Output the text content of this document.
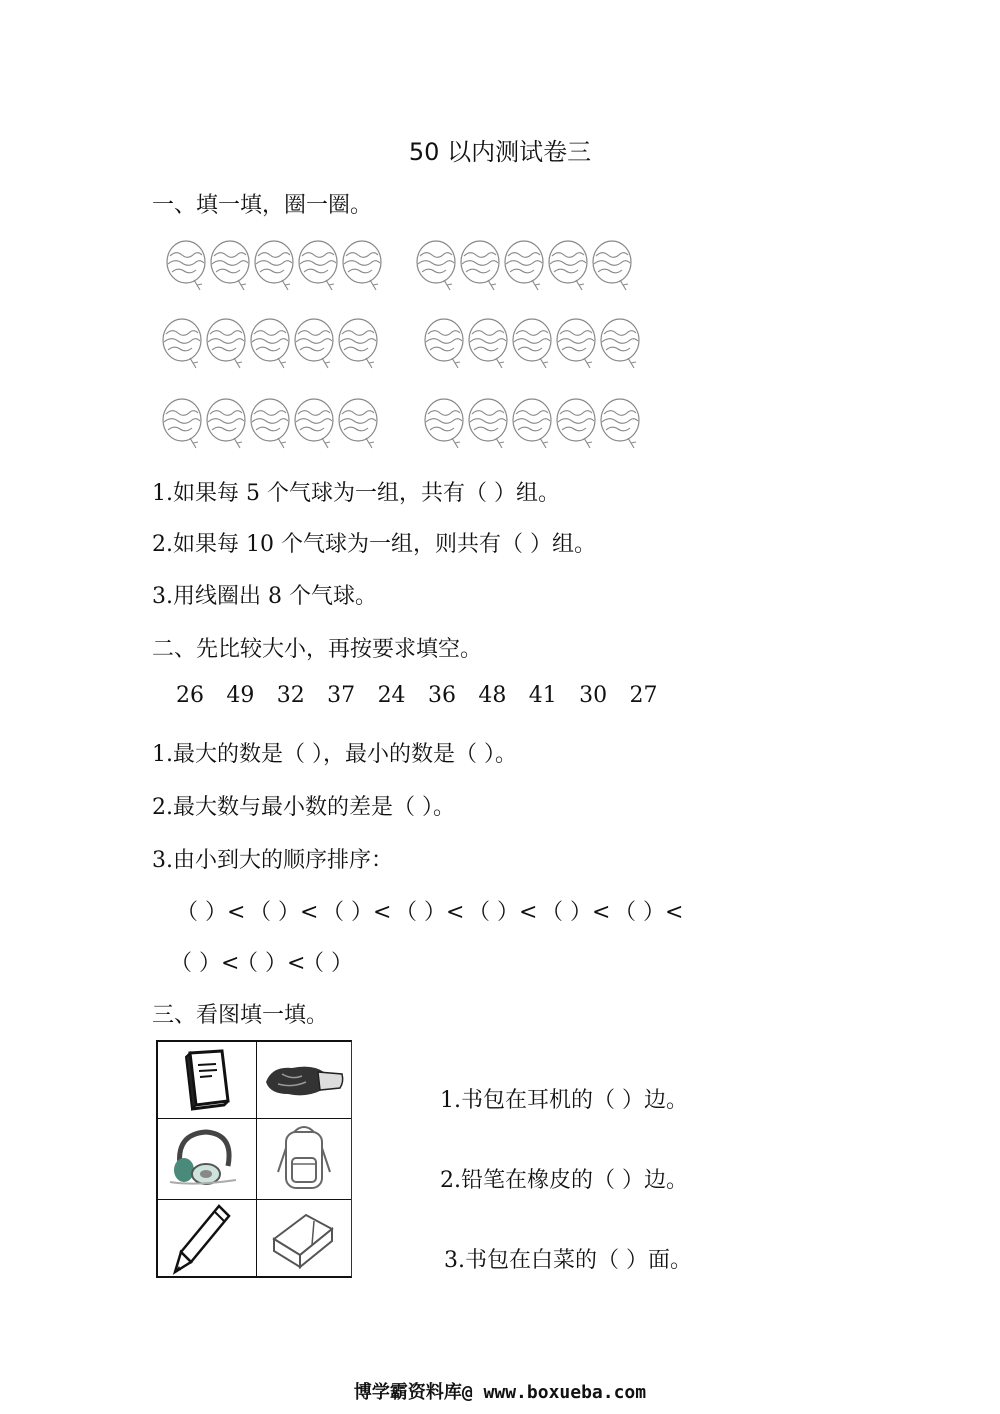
50 以内测试卷三
一、填一填，圈一圈。
1.如果每 5 个气球为一组，共有（ ）组。
2.如果每 10 个气球为一组，则共有（ ）组。
3.用线圈出 8 个气球。
二、先比较大小，再按要求填空。
26 49 32 37 24 36 48 41 30 27
1.最大的数是（ ），最小的数是（ ）。
2.最大数与最小数的差是（ ）。
3.由小到大的顺序排序：
（ ）< （ ）< （ ）< （ ）< （ ）< （ ）< （ ）<
（ ）<（ ）<（ ）
三、看图填一填。
1.书包在耳机的（ ）边。
2.铅笔在橡皮的（ ）边。
3.书包在白菜的（ ）面。
博学霸资料库@ www.boxueba.com
